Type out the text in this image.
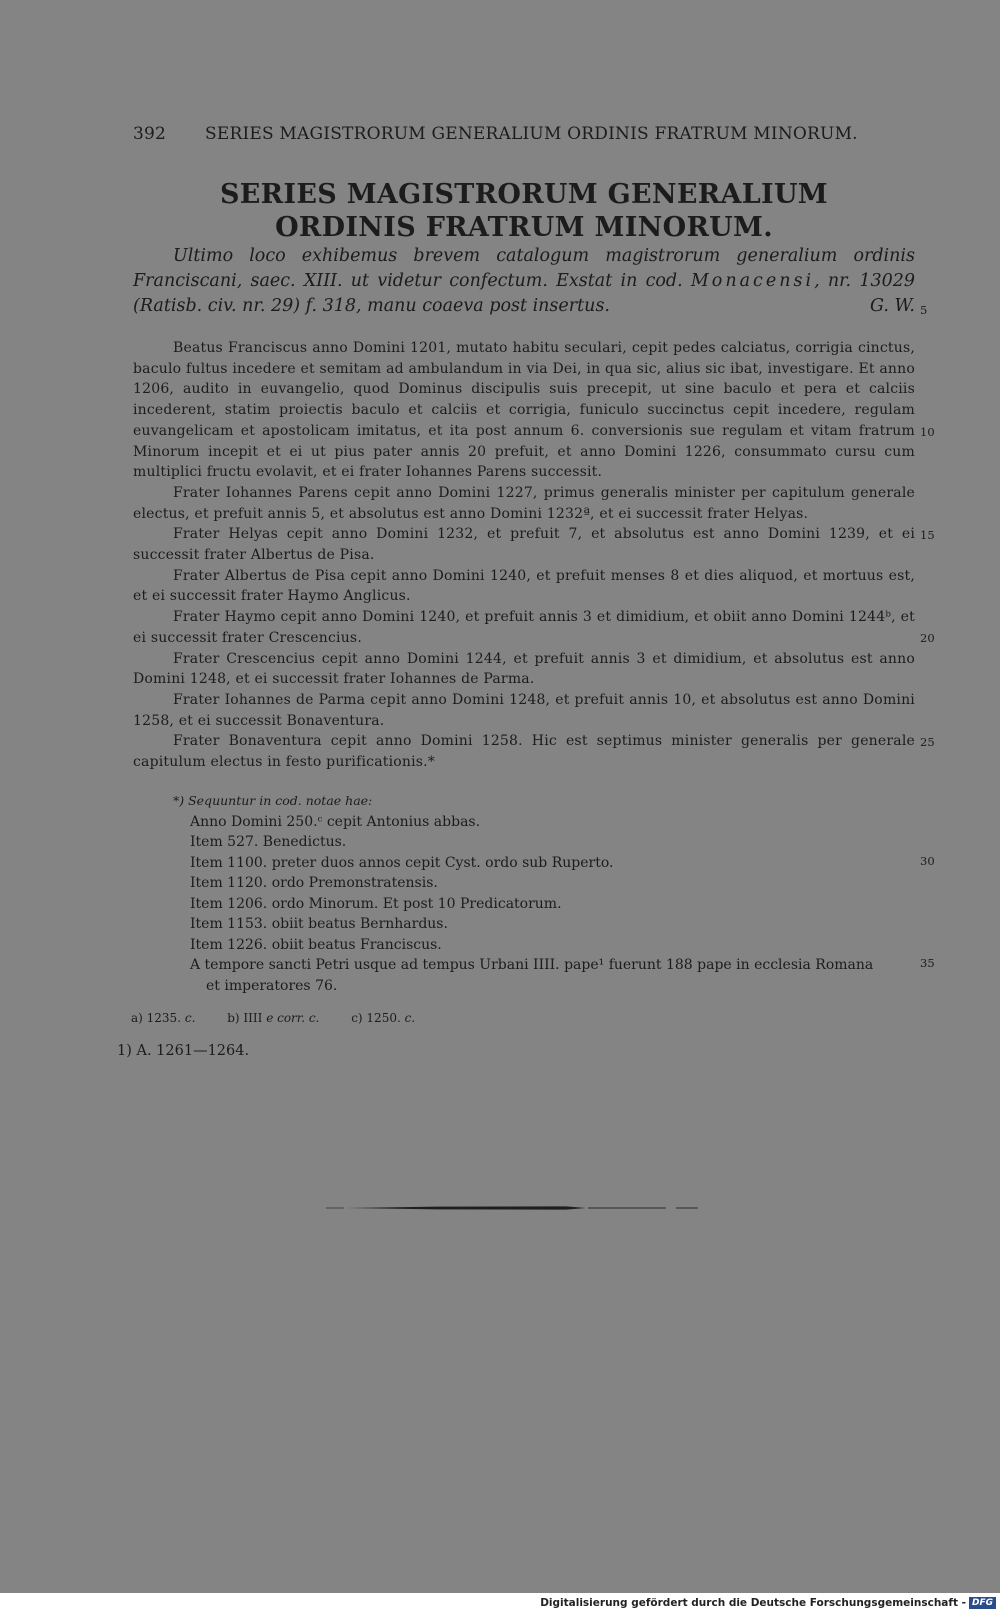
392 SERIES MAGISTRORUM GENERALIUM ORDINIS FRATRUM MINORUM.
SERIES MAGISTRORUM GENERALIUM
ORDINIS FRATRUM MINORUM.

Ultimo loco exhibemus brevem catalogum magistrorum generalium ordinis Franciscani, saec. XIII. ut videtur confectum. Exstat in cod. Monacensi, nr. 13029 (Ratisb. civ. nr. 29) f. 318, manu coaeva post insertus.	G. W.

Beatus Franciscus anno Domini 1201, mutato habitu seculari, cepit pedes calciatus, corrigia cinctus, baculo fultus incedere et semitam ad ambulandum in via Dei, in qua sic, alius sic ibat, investigare. Et anno 1206, audito in euvangelio, quod Dominus discipulis suis precepit, ut sine baculo et pera et calciis incederent, statim proiectis baculo et calciis et corrigia, funiculo succinctus cepit incedere, regulam euvangelicam et apostolicam imitatus, et ita post annum 6. conversionis sue regulam et vitam fratrum Minorum incepit et ei ut pius pater annis 20 prefuit, et anno Domini 1226, consummato cursu cum multiplici fructu evolavit, et ei frater Iohannes Parens successit.

Frater Iohannes Parens cepit anno Domini 1227, primus generalis minister per capitulum generale electus, et prefuit annis 5, et absolutus est anno Domini 1232ª, et ei successit frater Helyas.

Frater Helyas cepit anno Domini 1232, et prefuit 7, et absolutus est anno Domini 1239, et ei successit frater Albertus de Pisa.

Frater Albertus de Pisa cepit anno Domini 1240, et prefuit menses 8 et dies aliquod, et mortuus est, et ei successit frater Haymo Anglicus.

Frater Haymo cepit anno Domini 1240, et prefuit annis 3 et dimidium, et obiit anno Domini 1244ᵇ, et ei successit frater Crescencius.

Frater Crescencius cepit anno Domini 1244, et prefuit annis 3 et dimidium, et absolutus est anno Domini 1248, et ei successit frater Iohannes de Parma.

Frater Iohannes de Parma cepit anno Domini 1248, et prefuit annis 10, et absolutus est anno Domini 1258, et ei successit Bonaventura.

Frater Bonaventura cepit anno Domini 1258. Hic est septimus minister generalis per generale capitulum electus in festo purificationis.*

*) Sequuntur in cod. notae hae:
Anno Domini 250.ᶜ cepit Antonius abbas.
Item 527. Benedictus.
Item 1100. preter duos annos cepit Cyst. ordo sub Ruperto.
Item 1120. ordo Premonstratensis.
Item 1206. ordo Minorum. Et post 10 Predicatorum.
Item 1153. obiit beatus Bernhardus.
Item 1226. obiit beatus Franciscus.
A tempore sancti Petri usque ad tempus Urbani IIII. pape¹ fuerunt 188 pape in ecclesia Romana
et imperatores 76.
a) 1235. c.	b) IIII e corr. c.	c) 1250. c.
1) A. 1261—1264.
5
10
15
20
25
30
35
Digitalisierung gefördert durch die Deutsche Forschungsgemeinschaft - DFG
